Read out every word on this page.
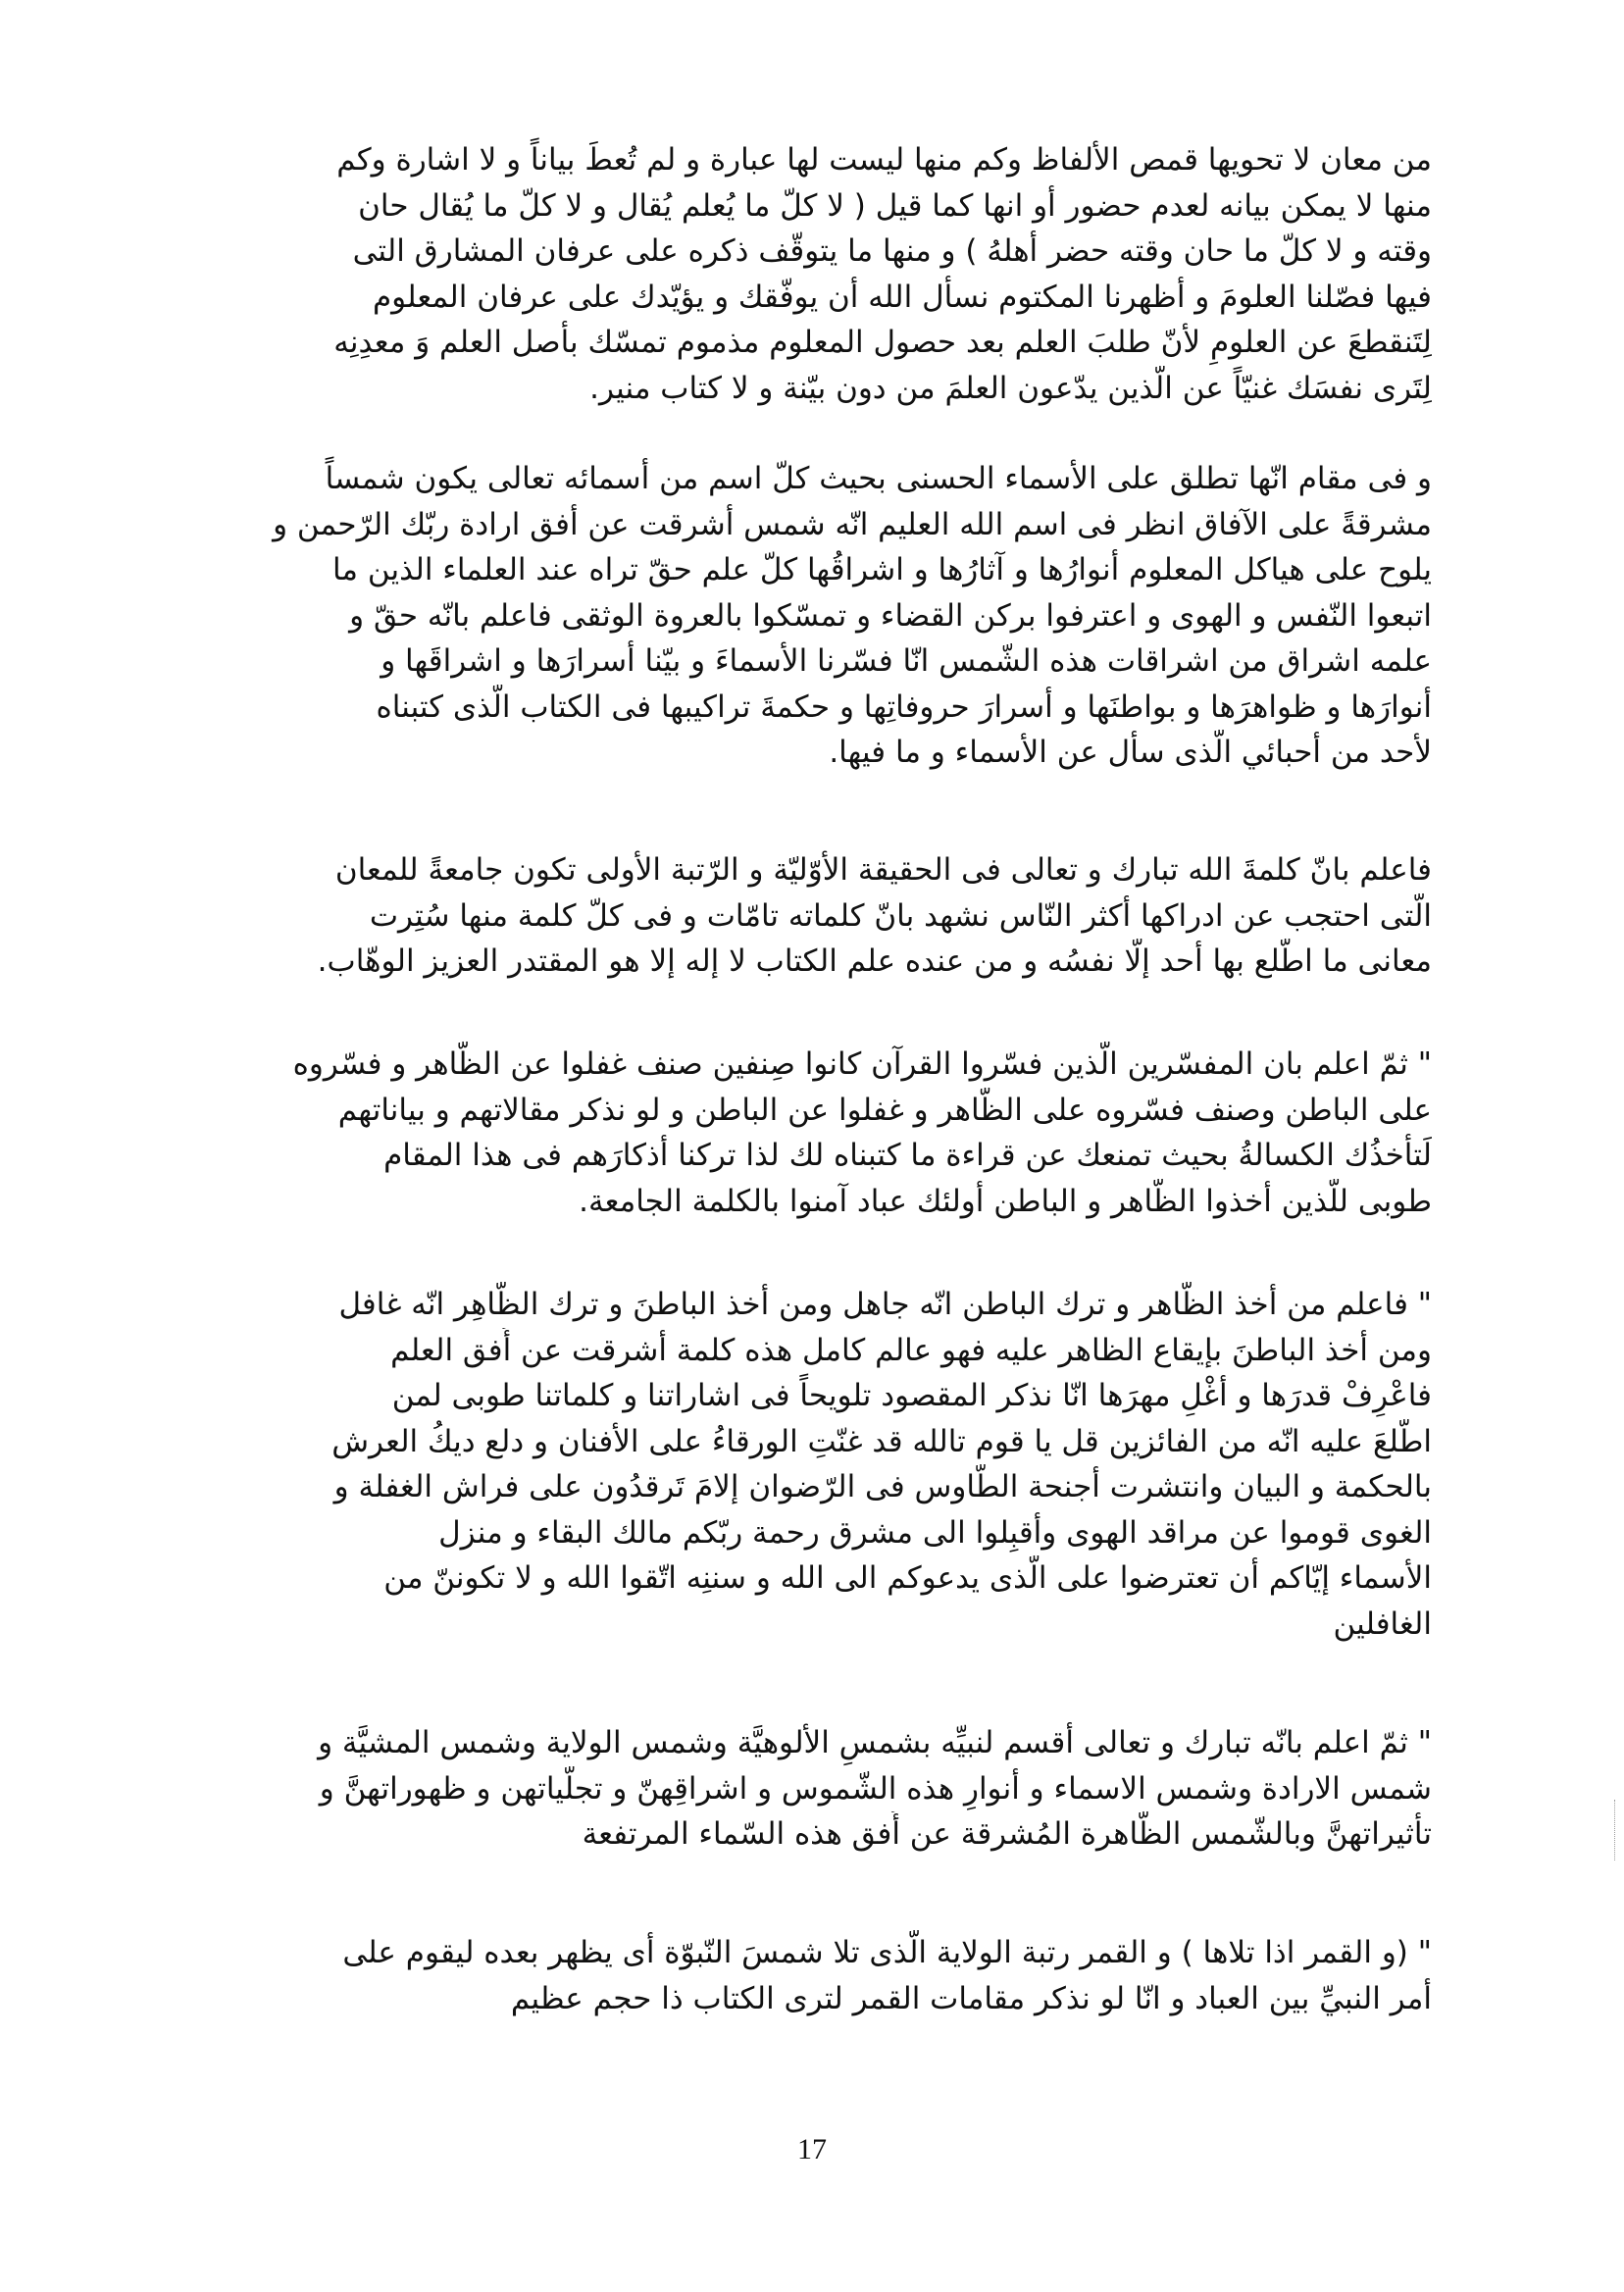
من معان لا تحويها قمص الألفاظ وكم منها ليست لها عبارة و لم تُعطَ بياناً و لا اشارة وكم
منها لا يمكن بيانه لعدم حضور أو انها كما قيل ( لا كلّ ما يُعلم يُقال و لا كلّ ما يُقال حان
وقته و لا كلّ ما حان وقته حضر أهلهُ ) و منها ما يتوقّف ذكره على عرفان المشارق التى
فيها فصّلنا العلومَ و أظهرنا المكتوم نسأل الله أن يوفّقك و يؤيّدك على عرفان المعلوم
لِتَنقطعَ عن العلومِ لأنّ طلبَ العلم بعد حصول المعلوم مذموم تمسّك بأصل العلم وَ معدِنِه
لِتَرى نفسَك غنيّاً عن الّذين يدّعون العلمَ من دون بيّنة و لا كتاب منير.
و فى مقام انّها تطلق على الأسماء الحسنى بحيث كلّ اسم من أسمائه تعالى يكون شمساً
مشرقةً على الآفاق انظر فى اسم الله العليم انّه شمس أشرقت عن أفق ارادة ربّك الرّحمن و
يلوح على هياكل المعلوم أنوارُها و آثارُها و اشراقُها كلّ علم حقّ تراه عند العلماء الذين ما
اتبعوا النّفس و الهوى و اعترفوا بركن القضاء و تمسّكوا بالعروة الوثقى فاعلم بانّه حقّ و
علمه اشراق من اشراقات هذه الشّمس انّا فسّرنا الأسماءَ و بيّنا أسرارَها و اشراقَها و
أنوارَها و ظواهرَها و بواطنَها و أسرارَ حروفاتِها و حكمةَ تراكيبها فى الكتاب الّذى كتبناه
لأحد من أحبائي الّذى سأل عن الأسماء و ما فيها.
فاعلم بانّ كلمةَ الله تبارك و تعالى فى الحقيقة الأوّليّة و الرّتبة الأولى تكون جامعةً للمعان
الّتى احتجب عن ادراكها أكثر النّاس نشهد بانّ كلماته تامّات و فى كلّ كلمة منها سُتِرت
معانى ما اطّلع بها أحد إلّا نفسُه و من عنده علم الكتاب لا إله إلا هو المقتدر العزيز الوهّاب.
" ثمّ اعلم بان المفسّرين الّذين فسّروا القرآن كانوا صِنفين صنف غفلوا عن الظّاهر و فسّروه
على الباطن وصنف فسّروه على الظّاهر و غفلوا عن الباطن و لو نذكر مقالاتهم و بياناتهم
لَتأخذُك الكسالةُ بحيث تمنعك عن قراءة ما كتبناه لك لذا تركنا أذكارَهم فى هذا المقام
طوبى للّذين أخذوا الظّاهر و الباطن أولئك عباد آمنوا بالكلمة الجامعة.
" فاعلم من أخذ الظّاهر و ترك الباطن انّه جاهل ومن أخذ الباطنَ و ترك الظّاهِر انّه غافل
ومن أخذ الباطنَ بإيقاع الظاهر عليه فهو عالم كامل هذه كلمة أشرقت عن أُفق العلم
فاعْرِفْ قدرَها و أغْلِ مهرَها انّا نذكر المقصود تلويحاً فى اشاراتنا و كلماتنا طوبى لمن
اطّلعَ عليه انّه من الفائزين قل يا قوم تالله قد غنّتِ الورقاءُ على الأفنان و دلع ديكُ العرش
بالحكمة و البيان وانتشرت أجنحة الطّاوس فى الرّضوان إلامَ تَرقدُون على فراش الغفلة و
الغوى قوموا عن مراقد الهوى وأقبِلوا الى مشرق رحمة ربّكم مالك البقاء و منزل
الأسماء إيّاكم أن تعترضوا على الّذى يدعوكم الى الله و سننِه اتّقوا الله و لا تكوننّ من
الغافلين
" ثمّ اعلم بانّه تبارك و تعالى أقسم لنبيِّه بشمسِ الألوهيَّة وشمس الولاية وشمس المشيَّة و
شمس الارادة وشمس الاسماء و أنوارِ هذه الشّموس و اشراقِهنّ و تجلّياتهن و ظهوراتهنَّ و
تأثيراتهنَّ وبالشّمس الظّاهرة المُشرقة عن أُفق هذه السّماء المرتفعة
" (و القمر اذا تلاها ) و القمر رتبة الولاية الّذى تلا شمسَ النّبوّة أى يظهر بعده ليقوم على
أمر النبيِّ بين العباد و انّا لو نذكر مقامات القمر لترى الكتاب ذا حجم عظيم
17
